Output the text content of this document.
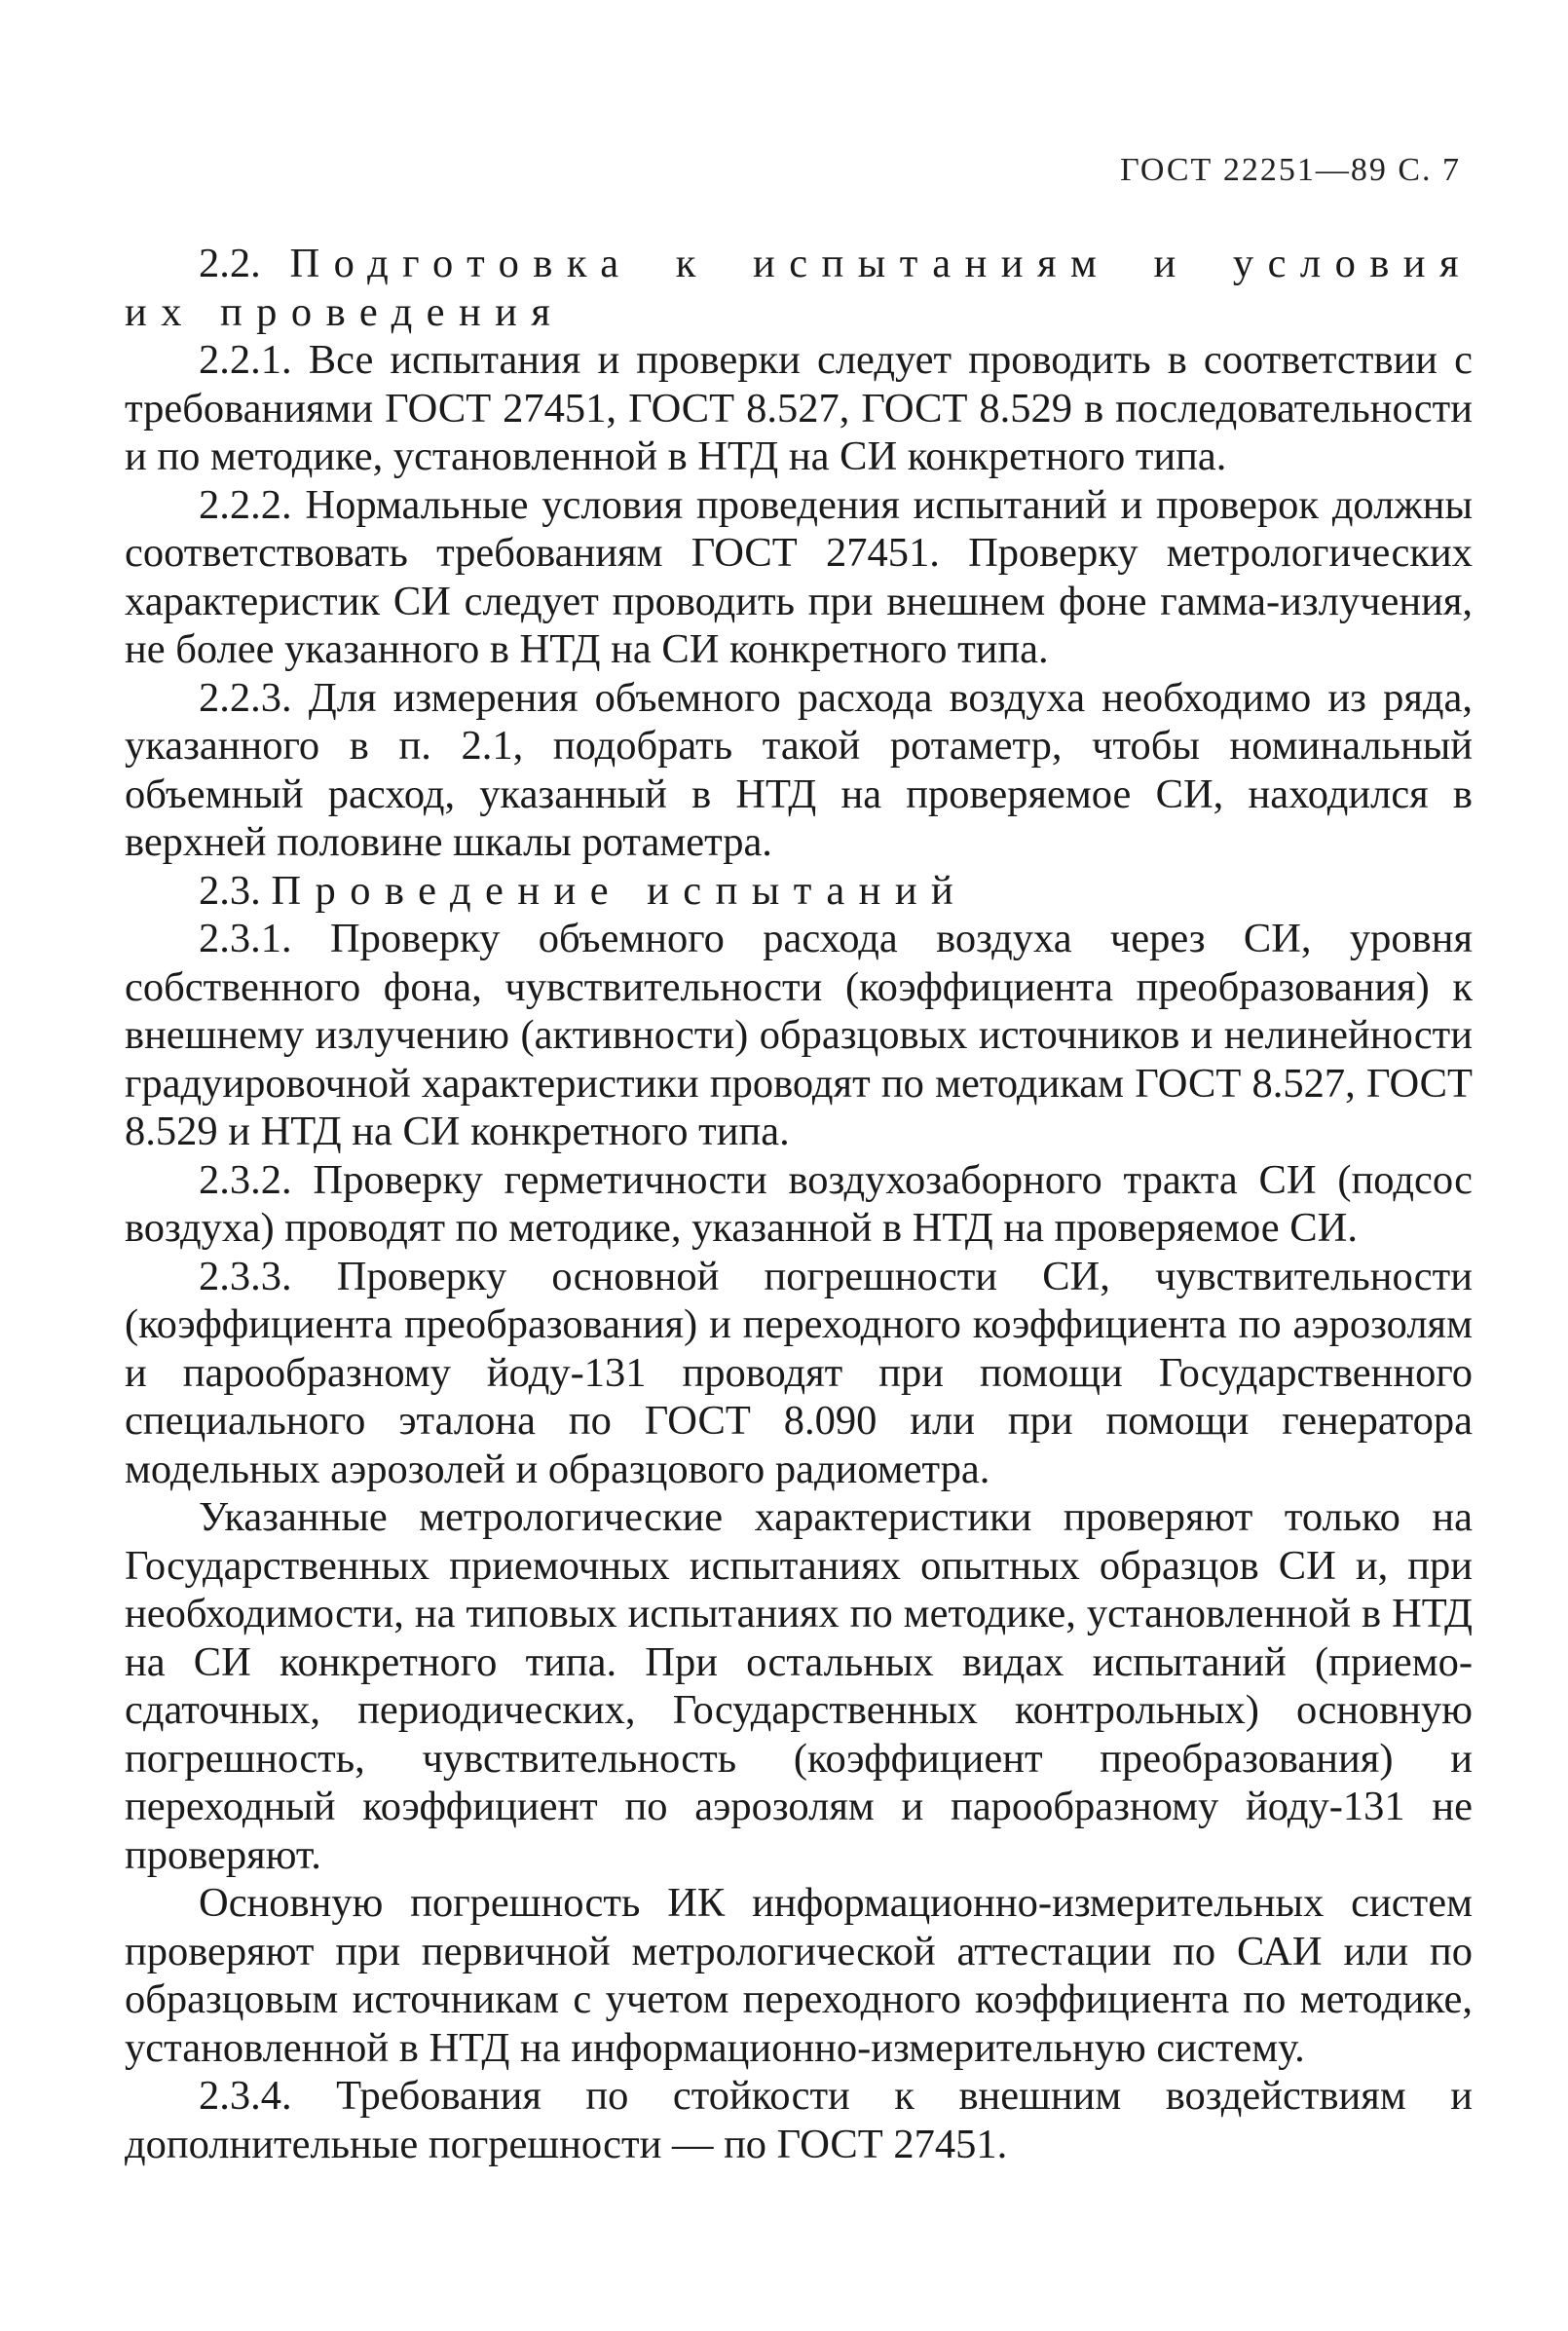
ГОСТ 22251—89 С. 7

2.2. Подготовка к испытаниям и условия их проведения

2.2.1. Все испытания и проверки следует проводить в соответствии с требованиями ГОСТ 27451, ГОСТ 8.527, ГОСТ 8.529 в последовательности и по методике, установленной в НТД на СИ конкретного типа.

2.2.2. Нормальные условия проведения испытаний и проверок должны соответствовать требованиям ГОСТ 27451. Проверку метрологических характеристик СИ следует проводить при внешнем фоне гамма-излучения, не более указанного в НТД на СИ конкретного типа.

2.2.3. Для измерения объемного расхода воздуха необходимо из ряда, указанного в п. 2.1, подобрать такой ротаметр, чтобы номинальный объемный расход, указанный в НТД на проверяемое СИ, находился в верхней половине шкалы ротаметра.

2.3. Проведение испытаний

2.3.1. Проверку объемного расхода воздуха через СИ, уровня собственного фона, чувствительности (коэффициента преобразования) к внешнему излучению (активности) образцовых источников и нелинейности градуировочной характеристики проводят по методикам ГОСТ 8.527, ГОСТ 8.529 и НТД на СИ конкретного типа.

2.3.2. Проверку герметичности воздухозаборного тракта СИ (подсос воздуха) проводят по методике, указанной в НТД на проверяемое СИ.

2.3.3. Проверку основной погрешности СИ, чувствительности (коэффициента преобразования) и переходного коэффициента по аэрозолям и парообразному йоду-131 проводят при помощи Государственного специального эталона по ГОСТ 8.090 или при помощи генератора модельных аэрозолей и образцового радиометра.

Указанные метрологические характеристики проверяют только на Государственных приемочных испытаниях опытных образцов СИ и, при необходимости, на типовых испытаниях по методике, установленной в НТД на СИ конкретного типа. При остальных видах испытаний (приемо-сдаточных, периодических, Государственных контрольных) основную погрешность, чувствительность (коэффициент преобразования) и переходный коэффициент по аэрозолям и парообразному йоду-131 не проверяют.

Основную погрешность ИК информационно-измерительных систем проверяют при первичной метрологической аттестации по САИ или по образцовым источникам с учетом переходного коэффициента по методике, установленной в НТД на информационно-измерительную систему.

2.3.4. Требования по стойкости к внешним воздействиям и дополнительные погрешности — по ГОСТ 27451.
